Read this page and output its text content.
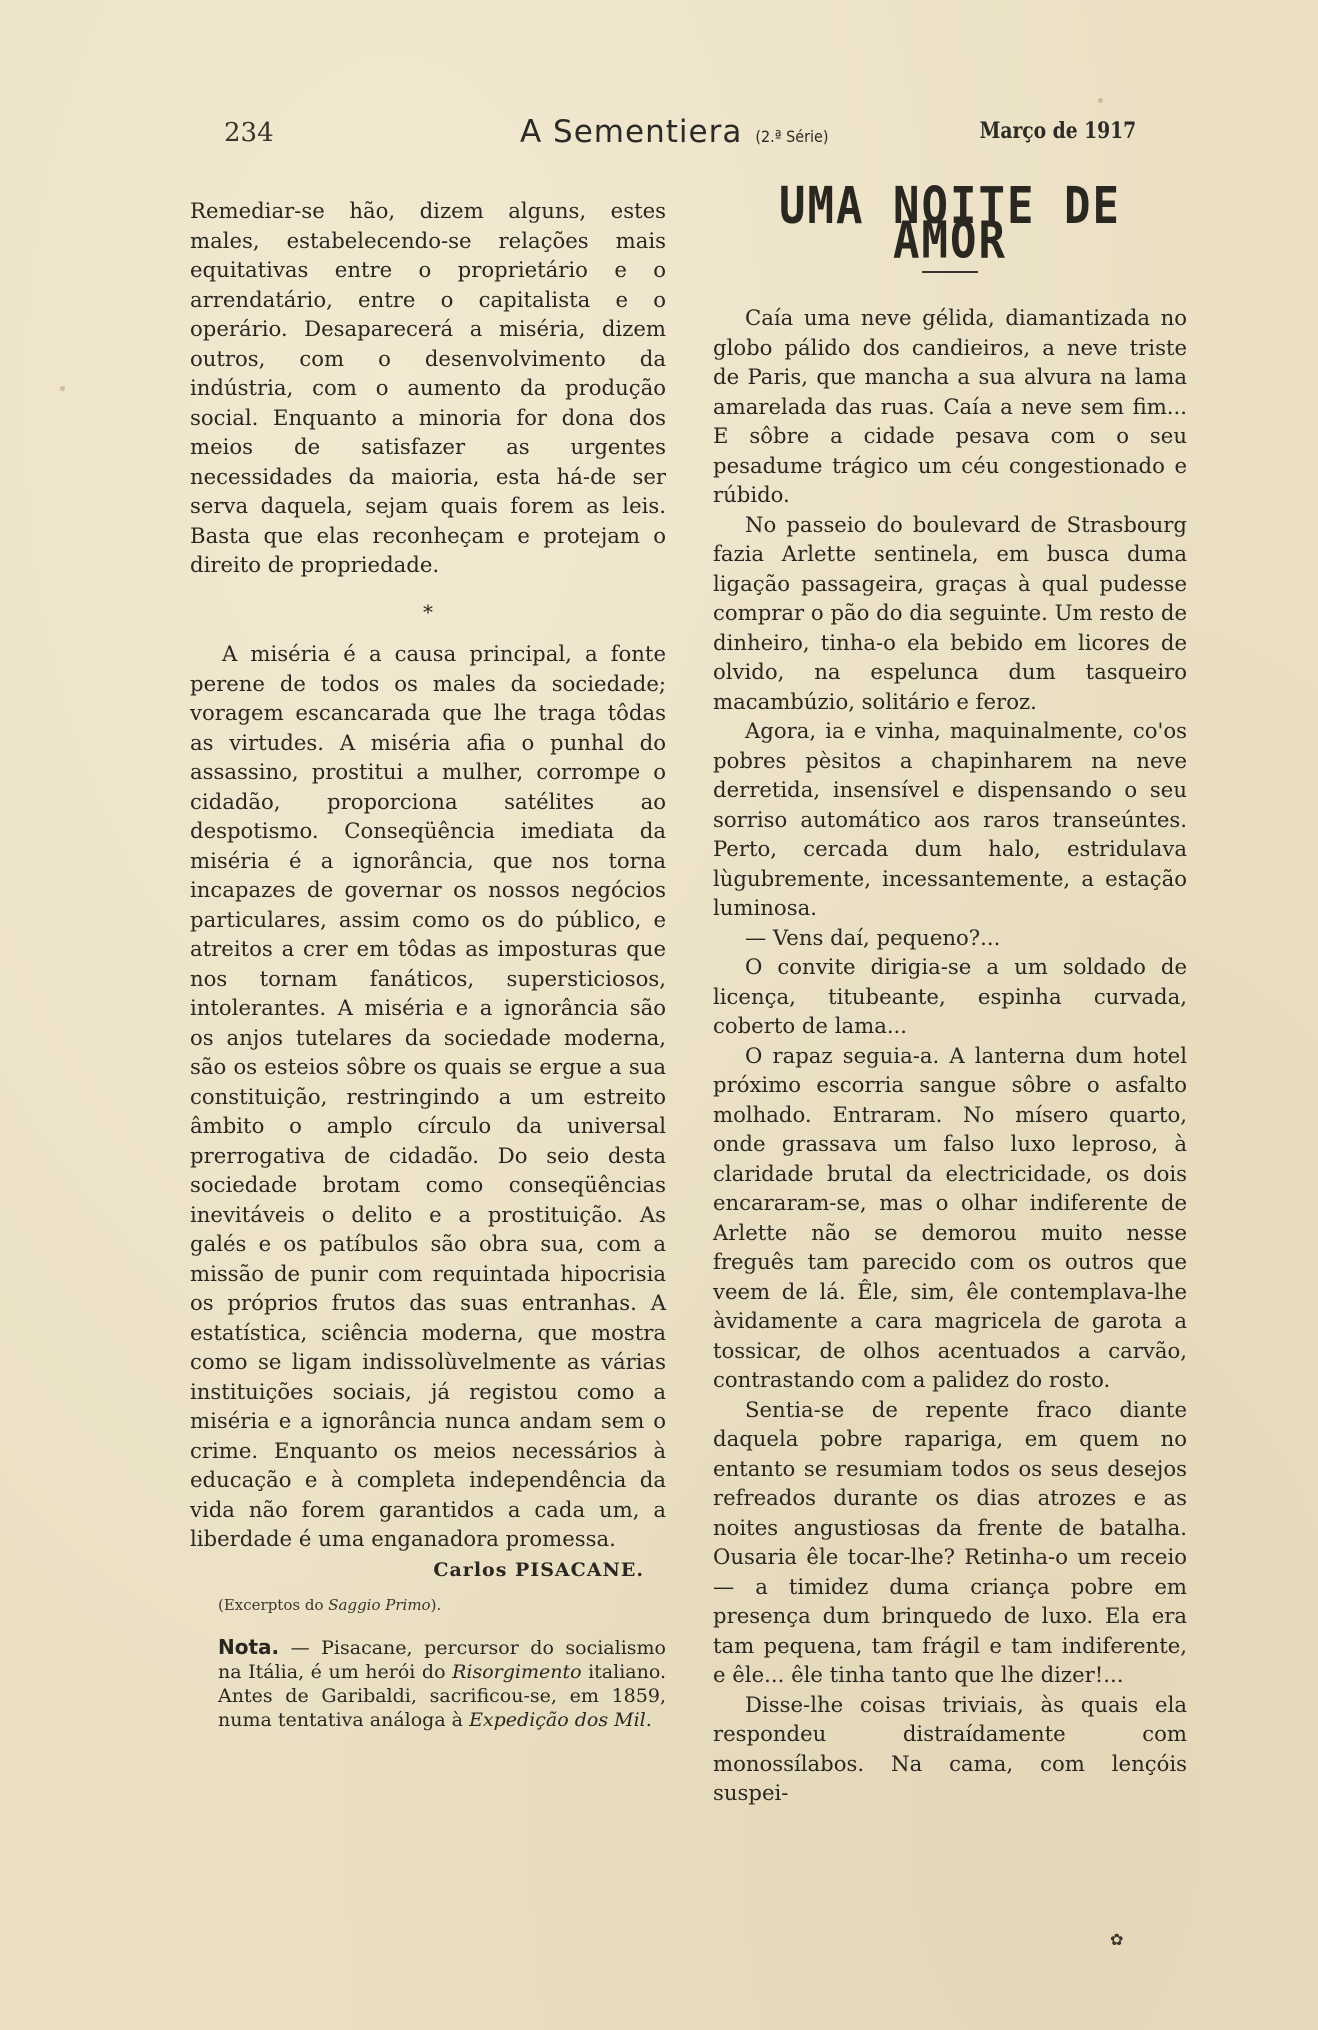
234	A Sementiera (2.ª Série)	Março de 1917

Remediar-se hão, dizem alguns, estes males, estabelecendo-se relações mais equitativas entre o proprietário e o arrendatário, entre o capitalista e o operário. Desaparecerá a miséria, dizem outros, com o desenvolvimento da indústria, com o aumento da produção social. Enquanto a minoria for dona dos meios de satisfazer as urgentes necessidades da maioria, esta há-de ser serva daquela, sejam quais forem as leis. Basta que elas reconheçam e protejam o direito de propriedade.

*

A miséria é a causa principal, a fonte perene de todos os males da sociedade; voragem escancarada que lhe traga tôdas as virtudes. A miséria afia o punhal do assassino, prostitui a mulher, corrompe o cidadão, proporciona satélites ao despotismo. Conseqüência imediata da miséria é a ignorância, que nos torna incapazes de governar os nossos negócios particulares, assim como os do público, e atreitos a crer em tôdas as imposturas que nos tornam fanáticos, supersticiosos, intolerantes. A miséria e a ignorância são os anjos tutelares da sociedade moderna, são os esteios sôbre os quais se ergue a sua constituição, restringindo a um estreito âmbito o amplo círculo da universal prerrogativa de cidadão. Do seio desta sociedade brotam como conseqüências inevitáveis o delito e a prostituição. As galés e os patíbulos são obra sua, com a missão de punir com requintada hipocrisia os próprios frutos das suas entranhas. A estatística, sciência moderna, que mostra como se ligam indissolùvelmente as várias instituições sociais, já registou como a miséria e a ignorância nunca andam sem o crime. Enquanto os meios necessários à educação e à completa independência da vida não forem garantidos a cada um, a liberdade é uma enganadora promessa.

Carlos PISACANE.
(Excerptos do Saggio Primo).
Nota. — Pisacane, percursor do socialismo na Itália, é um herói do Risorgimento italiano. Antes de Garibaldi, sacrificou-se, em 1859, numa tentativa análoga à Expedição dos Mil.
UMA NOITE DE AMOR

Caía uma neve gélida, diamantizada no globo pálido dos candieiros, a neve triste de Paris, que mancha a sua alvura na lama amarelada das ruas. Caía a neve sem fim... E sôbre a cidade pesava com o seu pesadume trágico um céu congestionado e rúbido.

No passeio do boulevard de Strasbourg fazia Arlette sentinela, em busca duma ligação passageira, graças à qual pudesse comprar o pão do dia seguinte. Um resto de dinheiro, tinha-o ela bebido em licores de olvido, na espelunca dum tasqueiro macambúzio, solitário e feroz.

Agora, ia e vinha, maquinalmente, co'os pobres pèsitos a chapinharem na neve derretida, insensível e dispensando o seu sorriso automático aos raros transeúntes. Perto, cercada dum halo, estridulava lùgubremente, incessantemente, a estação luminosa.

— Vens daí, pequeno?...

O convite dirigia-se a um soldado de licença, titubeante, espinha curvada, coberto de lama...

O rapaz seguia-a. A lanterna dum hotel próximo escorria sangue sôbre o asfalto molhado. Entraram. No mísero quarto, onde grassava um falso luxo leproso, à claridade brutal da electricidade, os dois encararam-se, mas o olhar indiferente de Arlette não se demorou muito nesse freguês tam parecido com os outros que veem de lá. Êle, sim, êle contemplava-lhe àvidamente a cara magricela de garota a tossicar, de olhos acentuados a carvão, contrastando com a palidez do rosto.

Sentia-se de repente fraco diante daquela pobre rapariga, em quem no entanto se resumiam todos os seus desejos refreados durante os dias atrozes e as noites angustiosas da frente de batalha. Ousaria êle tocar-lhe? Retinha-o um receio — a timidez duma criança pobre em presença dum brinquedo de luxo. Ela era tam pequena, tam frágil e tam indiferente, e êle... êle tinha tanto que lhe dizer!...

Disse-lhe coisas triviais, às quais ela respondeu distraídamente com monossílabos. Na cama, com lençóis suspei-

✿
